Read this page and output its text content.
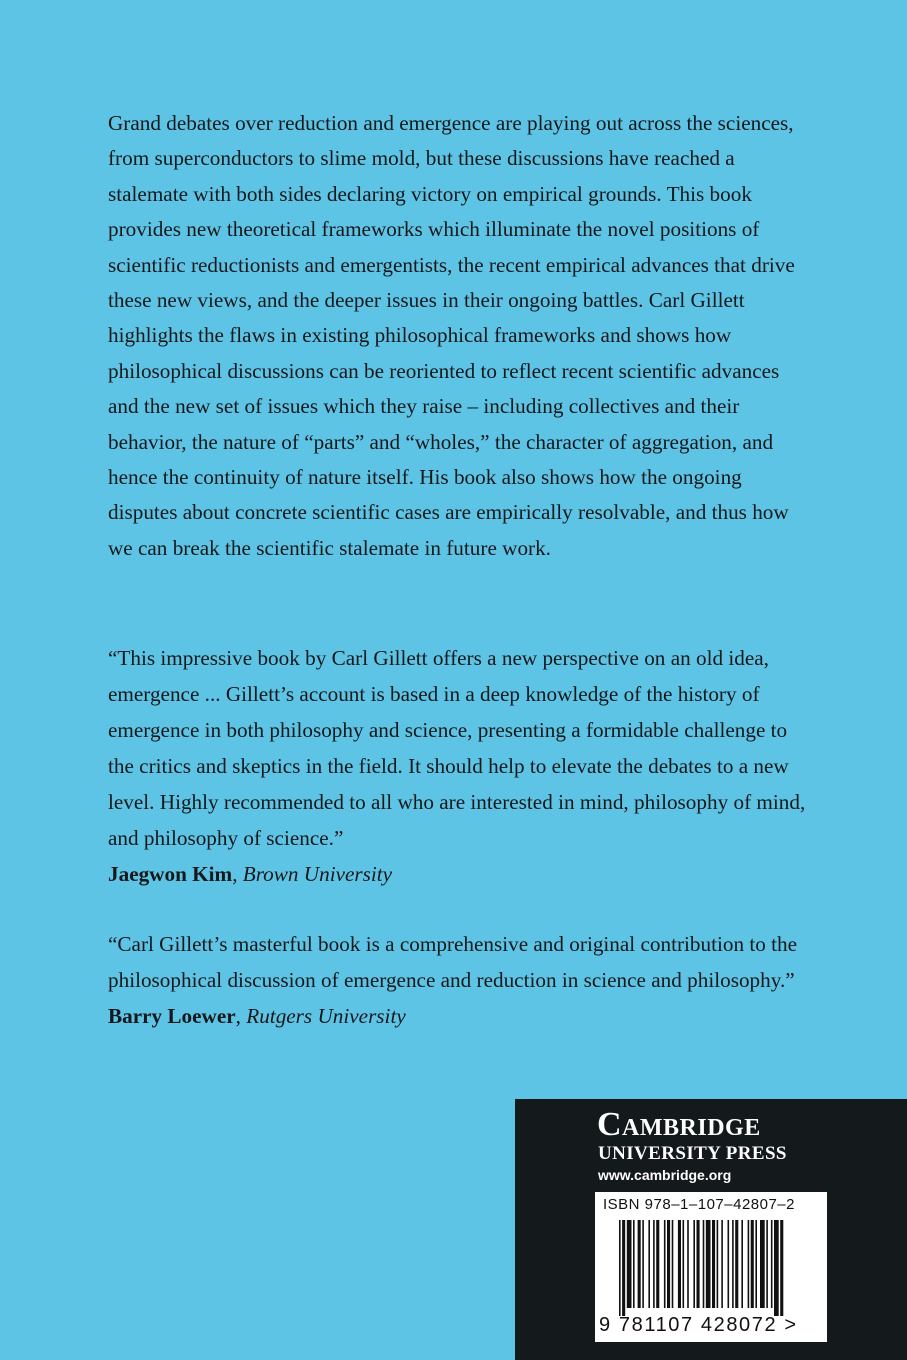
Grand debates over reduction and emergence are playing out across the sciences, from superconductors to slime mold, but these discussions have reached a stalemate with both sides declaring victory on empirical grounds. This book provides new theoretical frameworks which illuminate the novel positions of scientific reductionists and emergentists, the recent empirical advances that drive these new views, and the deeper issues in their ongoing battles. Carl Gillett highlights the flaws in existing philosophical frameworks and shows how philosophical discussions can be reoriented to reflect recent scientific advances and the new set of issues which they raise – including collectives and their behavior, the nature of “parts” and “wholes,” the character of aggregation, and hence the continuity of nature itself. His book also shows how the ongoing disputes about concrete scientific cases are empirically resolvable, and thus how we can break the scientific stalemate in future work.

“This impressive book by Carl Gillett offers a new perspective on an old idea, emergence ... Gillett’s account is based in a deep knowledge of the history of emergence in both philosophy and science, presenting a formidable challenge to the critics and skeptics in the field. It should help to elevate the debates to a new level. Highly recommended to all who are interested in mind, philosophy of mind, and philosophy of science.”

Jaegwon Kim, Brown University

“Carl Gillett’s masterful book is a comprehensive and original contribution to the philosophical discussion of emergence and reduction in science and philosophy.”

Barry Loewer, Rutgers University

Cambridge
UNIVERSITY PRESS
www.cambridge.org
ISBN 978–1–107–42807–2
9 781107 428072 >
